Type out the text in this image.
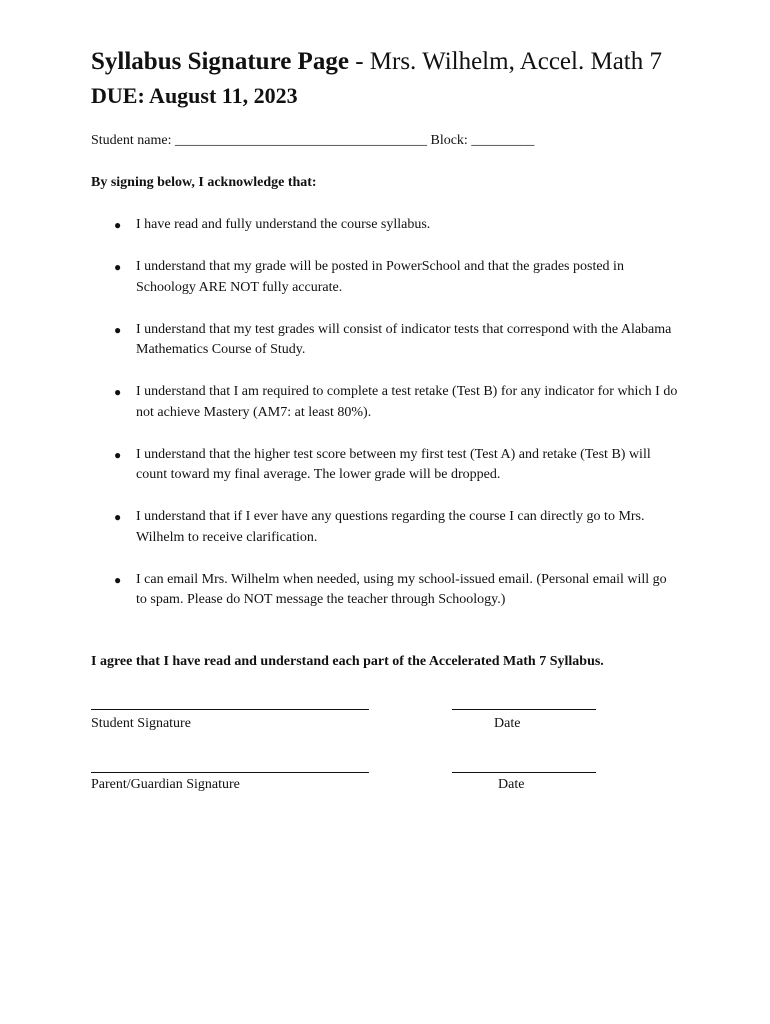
Syllabus Signature Page - Mrs. Wilhelm, Accel. Math 7
DUE: August 11, 2023
Student name: ____________________________________ Block: _________
By signing below, I acknowledge that:
● I have read and fully understand the course syllabus.
● I understand that my grade will be posted in PowerSchool and that the grades posted in Schoology ARE NOT fully accurate.
● I understand that my test grades will consist of indicator tests that correspond with the Alabama Mathematics Course of Study.
● I understand that I am required to complete a test retake (Test B) for any indicator for which I do not achieve Mastery (AM7: at least 80%).
● I understand that the higher test score between my first test (Test A) and retake (Test B) will count toward my final average. The lower grade will be dropped.
● I understand that if I ever have any questions regarding the course I can directly go to Mrs. Wilhelm to receive clarification.
● I can email Mrs. Wilhelm when needed, using my school-issued email. (Personal email will go to spam. Please do NOT message the teacher through Schoology.)
I agree that I have read and understand each part of the Accelerated Math 7 Syllabus.
Student Signature	Date
Parent/Guardian Signature	Date
